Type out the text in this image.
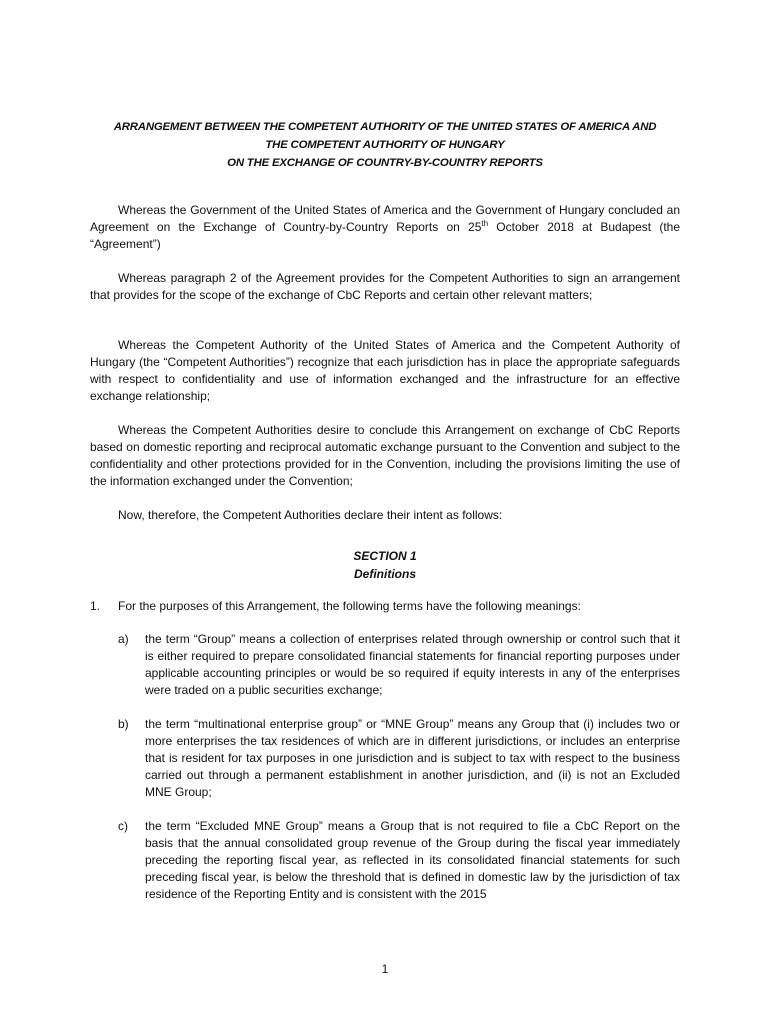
ARRANGEMENT BETWEEN THE COMPETENT AUTHORITY OF THE UNITED STATES OF AMERICA AND
THE COMPETENT AUTHORITY OF HUNGARY
ON THE EXCHANGE OF COUNTRY-BY-COUNTRY REPORTS

Whereas the Government of the United States of America and the Government of Hungary concluded an Agreement on the Exchange of Country-by-Country Reports on 25th October 2018 at Budapest (the “Agreement”)

Whereas paragraph 2 of the Agreement provides for the Competent Authorities to sign an arrangement that provides for the scope of the exchange of CbC Reports and certain other relevant matters;

Whereas the Competent Authority of the United States of America and the Competent Authority of Hungary (the “Competent Authorities”) recognize that each jurisdiction has in place the appropriate safeguards with respect to confidentiality and use of information exchanged and the infrastructure for an effective exchange relationship;

Whereas the Competent Authorities desire to conclude this Arrangement on exchange of CbC Reports based on domestic reporting and reciprocal automatic exchange pursuant to the Convention and subject to the confidentiality and other protections provided for in the Convention, including the provisions limiting the use of the information exchanged under the Convention;

Now, therefore, the Competent Authorities declare their intent as follows:

SECTION 1
Definitions
1. For the purposes of this Arrangement, the following terms have the following meanings:
a) the term “Group” means a collection of enterprises related through ownership or control such that it is either required to prepare consolidated financial statements for financial reporting purposes under applicable accounting principles or would be so required if equity interests in any of the enterprises were traded on a public securities exchange;
b) the term “multinational enterprise group” or “MNE Group” means any Group that (i) includes two or more enterprises the tax residences of which are in different jurisdictions, or includes an enterprise that is resident for tax purposes in one jurisdiction and is subject to tax with respect to the business carried out through a permanent establishment in another jurisdiction, and (ii) is not an Excluded MNE Group;
c) the term “Excluded MNE Group” means a Group that is not required to file a CbC Report on the basis that the annual consolidated group revenue of the Group during the fiscal year immediately preceding the reporting fiscal year, as reflected in its consolidated financial statements for such preceding fiscal year, is below the threshold that is defined in domestic law by the jurisdiction of tax residence of the Reporting Entity and is consistent with the 2015
1
